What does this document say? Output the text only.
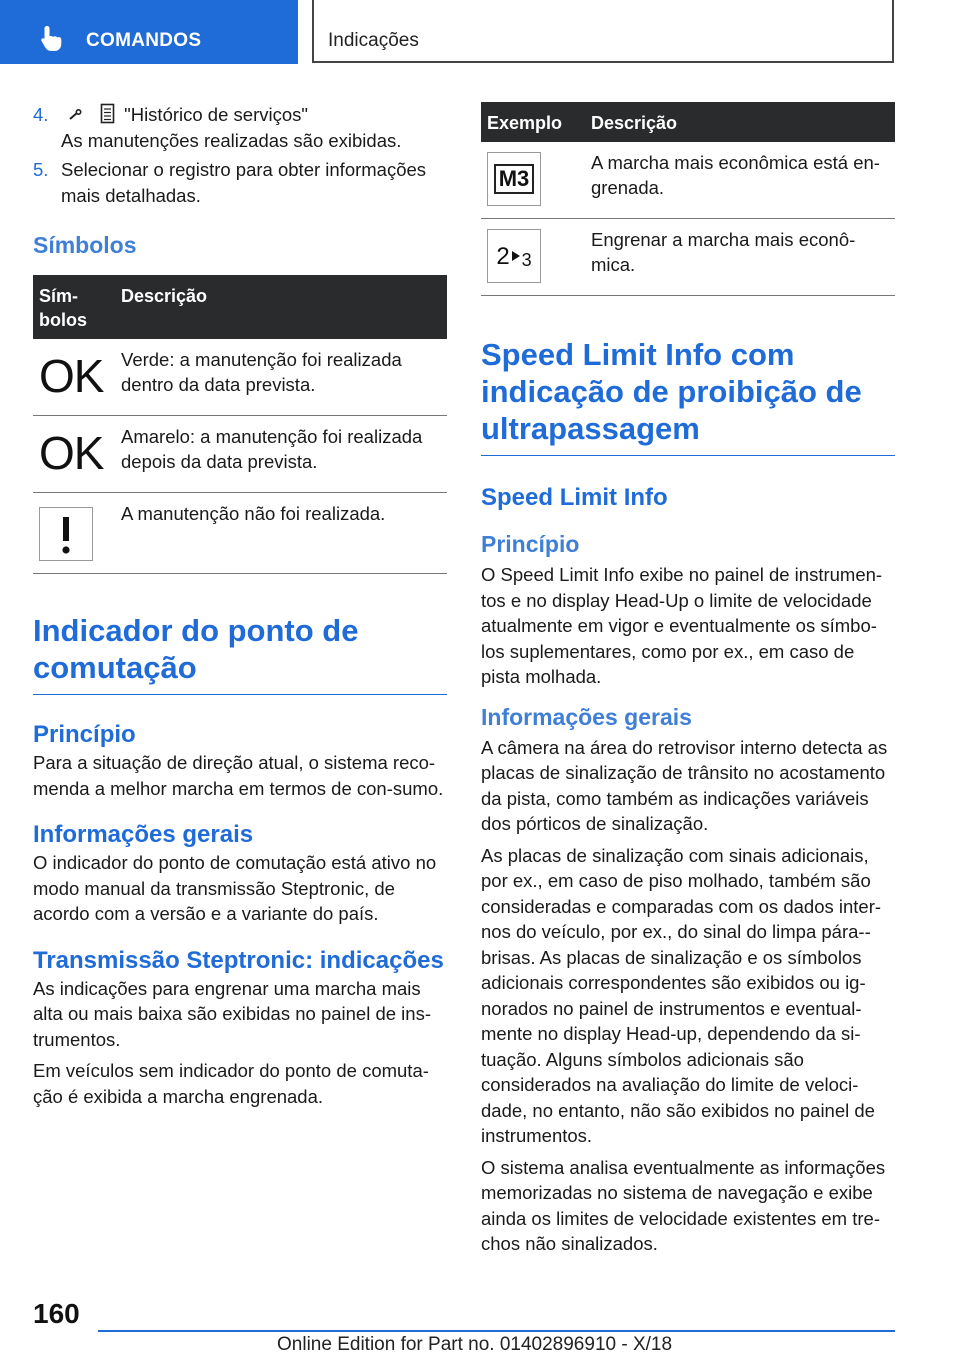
COMANDOS	Indicações
4.	"Histórico de serviços"
As manutenções realizadas são exibidas.
5. Selecionar o registro para obter informações mais detalhadas.
Símbolos
Sím-bolos	Descrição

OK	Verde: a manutenção foi realizada dentro da data prevista.

OK	Amarelo: a manutenção foi realizada depois da data prevista.

	A manutenção não foi realizada.
Indicador do ponto de comutação
Princípio

Para a situação de direção atual, o sistema reco-menda a melhor marcha em termos de con-sumo.

Informações gerais

O indicador do ponto de comutação está ativo no modo manual da transmissão Steptronic, de acordo com a versão e a variante do país.

Transmissão Steptronic: indicações

As indicações para engrenar uma marcha mais alta ou mais baixa são exibidas no painel de ins-trumentos.

Em veículos sem indicador do ponto de comuta-ção é exibida a marcha engrenada.

Exemplo	Descrição

M3	A marcha mais econômica está en-grenada.

2 3	Engrenar a marcha mais econô-mica.
Speed Limit Info com indicação de proibição de ultrapassagem
Speed Limit Info
Princípio

O Speed Limit Info exibe no painel de instrumen-tos e no display Head-Up o limite de velocidade atualmente em vigor e eventualmente os símbo-los suplementares, como por ex., em caso de pista molhada.

Informações gerais

A câmera na área do retrovisor interno detecta as placas de sinalização de trânsito no acostamento da pista, como também as indicações variáveis dos pórticos de sinalização.

As placas de sinalização com sinais adicionais, por ex., em caso de piso molhado, também são consideradas e comparadas com os dados inter-nos do veículo, por ex., do sinal do limpa pára--brisas. As placas de sinalização e os símbolos adicionais correspondentes são exibidos ou ig-norados no painel de instrumentos e eventual-mente no display Head-up, dependendo da si-tuação. Alguns símbolos adicionais são considerados na avaliação do limite de veloci-dade, no entanto, não são exibidos no painel de instrumentos.

O sistema analisa eventualmente as informações memorizadas no sistema de navegação e exibe ainda os limites de velocidade existentes em tre-chos não sinalizados.

160
Online Edition for Part no. 01402896910 - X/18
